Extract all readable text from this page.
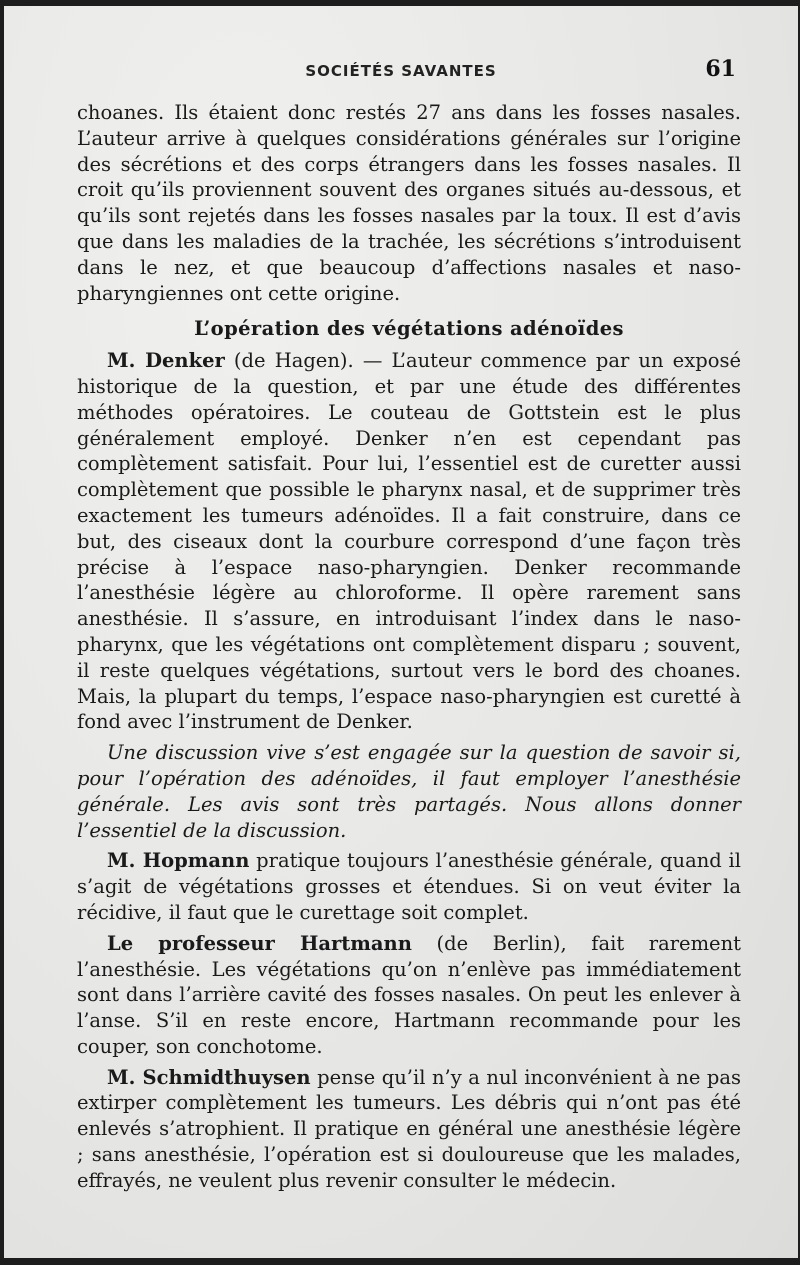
SOCIÉTÉS SAVANTES	61

choanes. Ils étaient donc restés 27 ans dans les fosses nasales. L’auteur arrive à quelques considérations générales sur l’origine des sécrétions et des corps étrangers dans les fosses nasales. Il croit qu’ils proviennent souvent des organes situés au-dessous, et qu’ils sont rejetés dans les fosses nasales par la toux. Il est d’avis que dans les maladies de la trachée, les sécrétions s’introduisent dans le nez, et que beaucoup d’affections nasales et naso-pharyngiennes ont cette origine.

L’opération des végétations adénoïdes

M. Denker (de Hagen). — L’auteur commence par un exposé historique de la question, et par une étude des différentes méthodes opératoires. Le couteau de Gottstein est le plus généralement employé. Denker n’en est cependant pas complètement satisfait. Pour lui, l’essentiel est de curetter aussi complètement que possible le pharynx nasal, et de supprimer très exactement les tumeurs adénoïdes. Il a fait construire, dans ce but, des ciseaux dont la courbure correspond d’une façon très précise à l’espace naso-pharyngien. Denker recommande l’anesthésie légère au chloroforme. Il opère rarement sans anesthésie. Il s’assure, en introduisant l’index dans le naso-pharynx, que les végétations ont complètement disparu ; souvent, il reste quelques végétations, surtout vers le bord des choanes. Mais, la plupart du temps, l’espace naso-pharyngien est curetté à fond avec l’instrument de Denker.

Une discussion vive s’est engagée sur la question de savoir si, pour l’opération des adénoïdes, il faut employer l’anesthésie générale. Les avis sont très partagés. Nous allons donner l’essentiel de la discussion.

M. Hopmann pratique toujours l’anesthésie générale, quand il s’agit de végétations grosses et étendues. Si on veut éviter la récidive, il faut que le curettage soit complet.

Le professeur Hartmann (de Berlin), fait rarement l’anesthésie. Les végétations qu’on n’enlève pas immédiatement sont dans l’arrière cavité des fosses nasales. On peut les enlever à l’anse. S’il en reste encore, Hartmann recommande pour les couper, son conchotome.

M. Schmidthuysen pense qu’il n’y a nul inconvénient à ne pas extirper complètement les tumeurs. Les débris qui n’ont pas été enlevés s’atrophient. Il pratique en général une anesthésie légère ; sans anesthésie, l’opération est si douloureuse que les malades, effrayés, ne veulent plus revenir consulter le médecin.
